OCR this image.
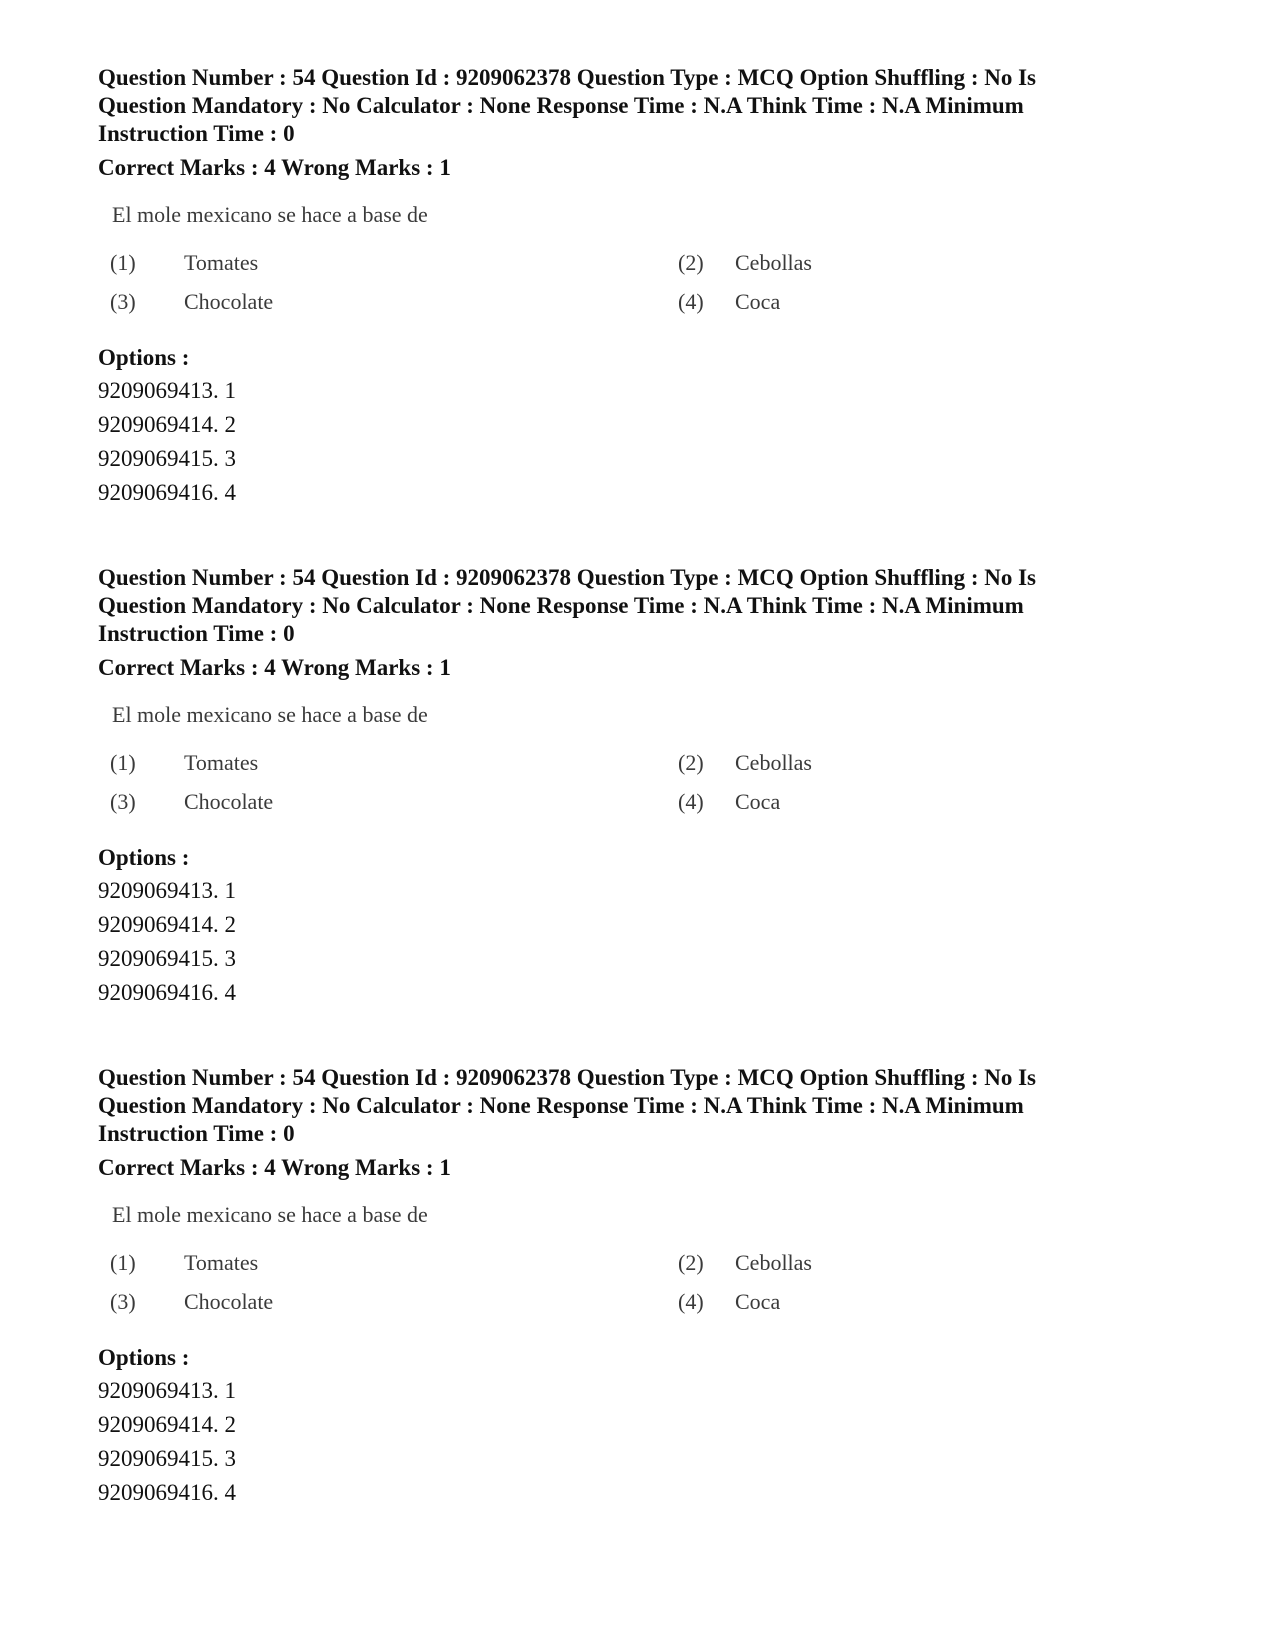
Question Number : 54 Question Id : 9209062378 Question Type : MCQ Option Shuffling : No Is
Question Mandatory : No Calculator : None Response Time : N.A Think Time : N.A Minimum
Instruction Time : 0
Correct Marks : 4 Wrong Marks : 1
El mole mexicano se hace a base de
(1) Tomates	(2) Cebollas
(3) Chocolate	(4) Coca
Options :
9209069413. 1
9209069414. 2
9209069415. 3
9209069416. 4
Question Number : 54 Question Id : 9209062378 Question Type : MCQ Option Shuffling : No Is
Question Mandatory : No Calculator : None Response Time : N.A Think Time : N.A Minimum
Instruction Time : 0
Correct Marks : 4 Wrong Marks : 1
El mole mexicano se hace a base de
(1) Tomates	(2) Cebollas
(3) Chocolate	(4) Coca
Options :
9209069413. 1
9209069414. 2
9209069415. 3
9209069416. 4
Question Number : 54 Question Id : 9209062378 Question Type : MCQ Option Shuffling : No Is
Question Mandatory : No Calculator : None Response Time : N.A Think Time : N.A Minimum
Instruction Time : 0
Correct Marks : 4 Wrong Marks : 1
El mole mexicano se hace a base de
(1) Tomates	(2) Cebollas
(3) Chocolate	(4) Coca
Options :
9209069413. 1
9209069414. 2
9209069415. 3
9209069416. 4
